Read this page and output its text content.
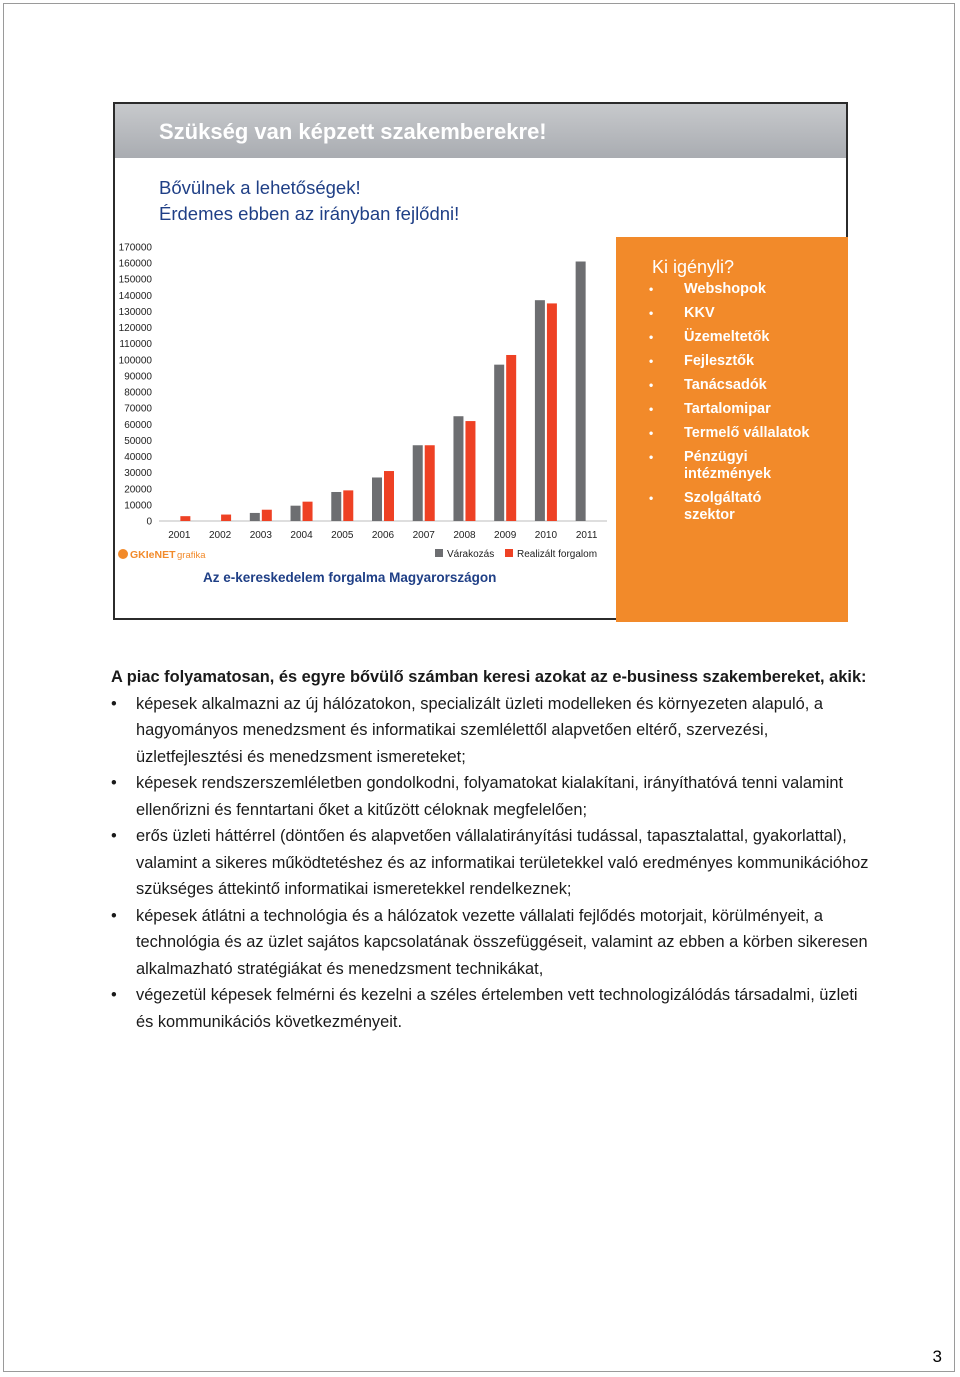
Szükség van képzett szakemberekre!
Bővülnek a lehetőségek!
Érdemes ebben az irányban fejlődni!
0
10000
20000
30000
40000
50000
60000
70000
80000
90000
100000
110000
120000
130000
140000
150000
160000
170000
2001 2002 2003 2004 2005 2006 2007 2008 2009 2010 2011
Várakozás Realizált forgalom
GKIeNET grafika
Az e-kereskedelem forgalma Magyarországon
Ki igényli?
• Webshopok
• KKV
• Üzemeltetők
• Fejlesztők
• Tanácsadók
• Tartalomipar
• Termelő vállalatok
• Pénzügyi intézmények
• Szolgáltató szektor

A piac folyamatosan, és egyre bővülő számban keresi azokat az e-business szakembereket, akik:

• képesek alkalmazni az új hálózatokon, specializált üzleti modelleken és környezeten alapuló, a hagyományos menedzsment és informatikai szemlélettől alapvetően eltérő, szervezési, üzletfejlesztési és menedzsment ismereteket;
• képesek rendszerszemléletben gondolkodni, folyamatokat kialakítani, irányíthatóvá tenni valamint ellenőrizni és fenntartani őket a kitűzött céloknak megfelelően;
• erős üzleti háttérrel (döntően és alapvetően vállalatirányítási tudással, tapasztalattal, gyakorlattal), valamint a sikeres működtetéshez és az informatikai területekkel való eredményes kommunikációhoz szükséges áttekintő informatikai ismeretekkel rendelkeznek;
• képesek átlátni a technológia és a hálózatok vezette vállalati fejlődés motorjait, körülményeit, a technológia és az üzlet sajátos kapcsolatának összefüggéseit, valamint az ebben a körben sikeresen alkalmazható stratégiákat és menedzsment technikákat,
• végezetül képesek felmérni és kezelni a széles értelemben vett technologizálódás társadalmi, üzleti és kommunikációs következményeit.
3
